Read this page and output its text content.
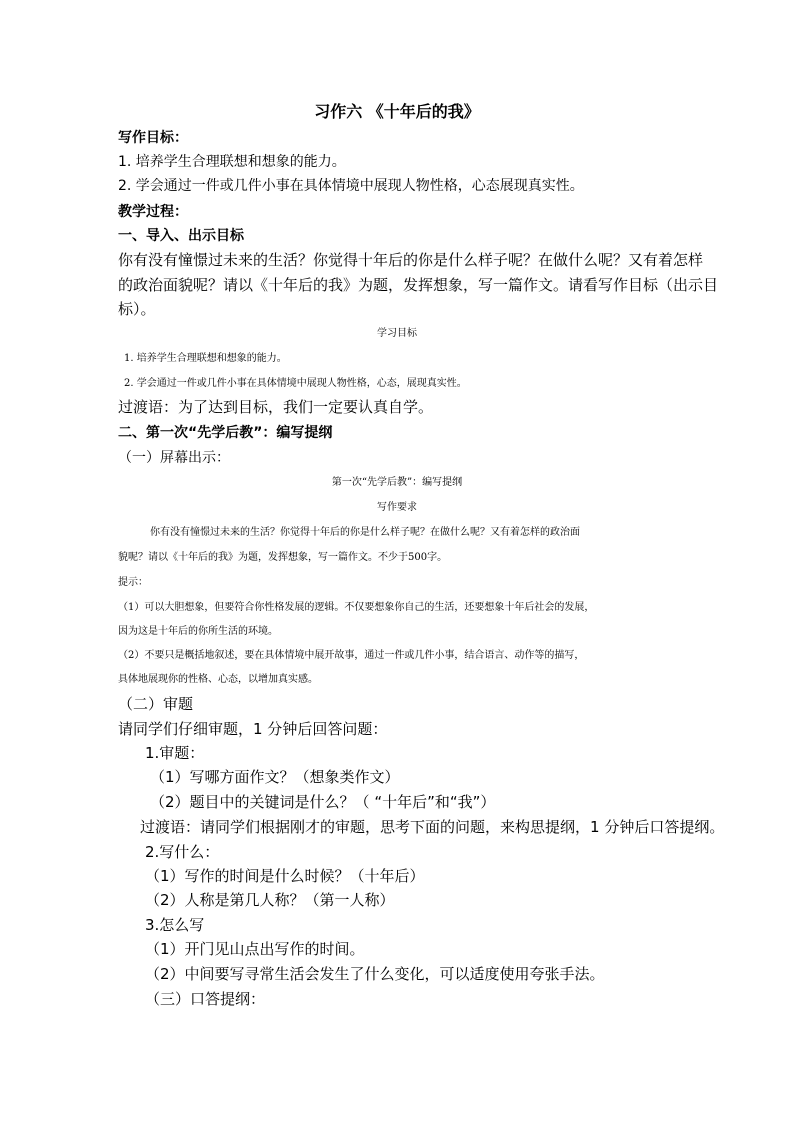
习作六 《十年后的我》
写作目标：
1. 培养学生合理联想和想象的能力。
2. 学会通过一件或几件小事在具体情境中展现人物性格，心态展现真实性。
教学过程：
一、导入、出示目标
你有没有憧憬过未来的生活？你觉得十年后的你是什么样子呢？在做什么呢？又有着怎样
的政治面貌呢？请以《十年后的我》为题，发挥想象，写一篇作文。请看写作目标（出示目
标）。
学习目标
1. 培养学生合理联想和想象的能力。
2. 学会通过一件或几件小事在具体情境中展现人物性格，心态，展现真实性。
过渡语：为了达到目标，我们一定要认真自学。
二、第一次“先学后教”：编写提纲
（一）屏幕出示：
第一次“先学后教”：编写提纲
写作要求
你有没有憧憬过未来的生活？你觉得十年后的你是什么样子呢？在做什么呢？又有着怎样的政治面
貌呢？请以《十年后的我》为题，发挥想象，写一篇作文。不少于500字。
提示：
（1）可以大胆想象，但要符合你性格发展的逻辑。不仅要想象你自己的生活，还要想象十年后社会的发展，
因为这是十年后的你所生活的环境。
（2）不要只是概括地叙述，要在具体情境中展开故事，通过一件或几件小事，结合语言、动作等的描写，
具体地展现你的性格、心态，以增加真实感。
（二）审题
请同学们仔细审题，1 分钟后回答问题：
1.审题：
（1）写哪方面作文？（想象类作文）
（2）题目中的关键词是什么？（ “十年后”和“我”）
过渡语：请同学们根据刚才的审题，思考下面的问题，来构思提纲，1 分钟后口答提纲。
2.写什么：
（1）写作的时间是什么时候？（十年后）
（2）人称是第几人称？（第一人称）
3.怎么写
（1）开门见山点出写作的时间。
（2）中间要写寻常生活会发生了什么变化，可以适度使用夸张手法。
（三）口答提纲：
